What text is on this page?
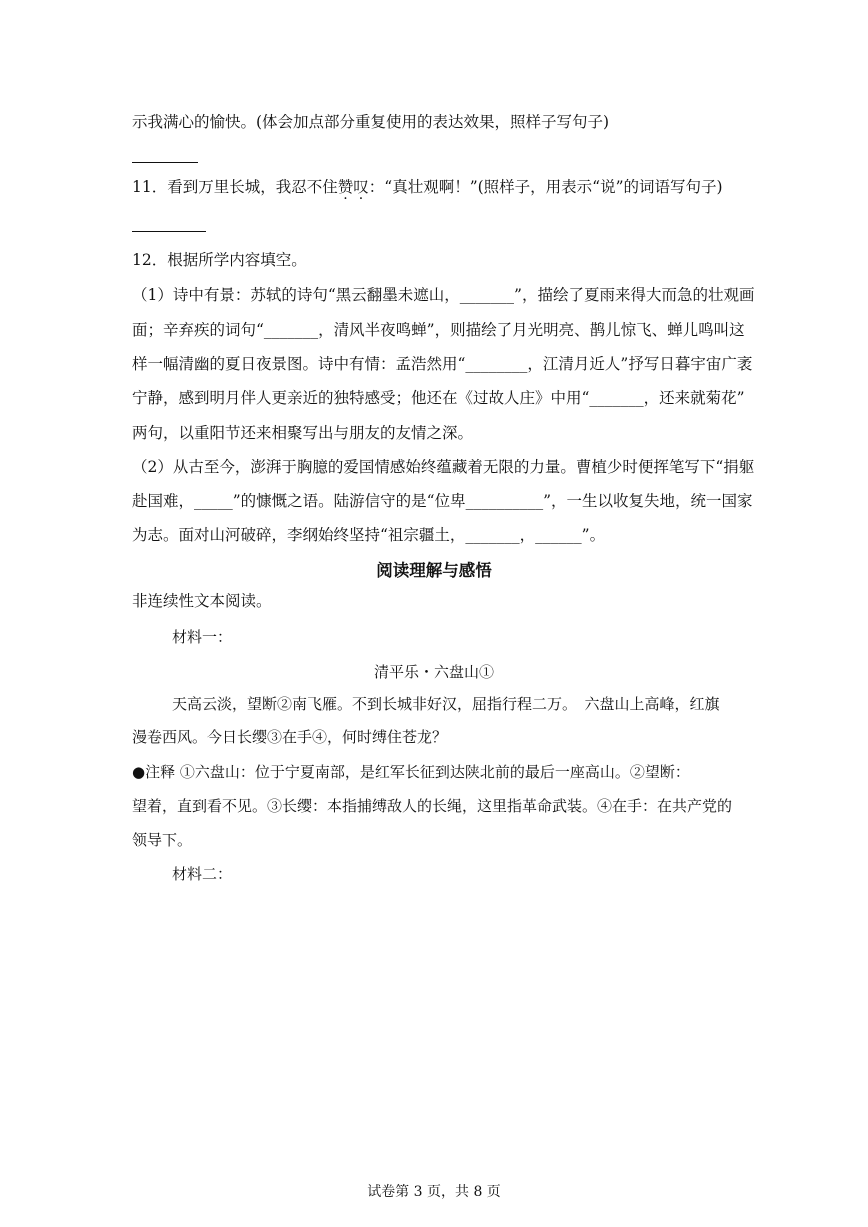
示我满心的愉快。(体会加点部分重复使用的表达效果，照样子写句子)
11．看到万里长城，我忍不住赞叹：“真壮观啊！”(照样子，用表示“说”的词语写句子)
12．根据所学内容填空。
（1）诗中有景：苏轼的诗句“黑云翻墨未遮山，_______”，描绘了夏雨来得大而急的壮观画
面；辛弃疾的词句“_______，清风半夜鸣蝉”，则描绘了月光明亮、鹊儿惊飞、蝉儿鸣叫这
样一幅清幽的夏日夜景图。诗中有情：孟浩然用“________，江清月近人”抒写日暮宇宙广袤
宁静，感到明月伴人更亲近的独特感受；他还在《过故人庄》中用“_______，还来就菊花”
两句，以重阳节还来相聚写出与朋友的友情之深。
（2）从古至今，澎湃于胸臆的爱国情感始终蕴藏着无限的力量。曹植少时便挥笔写下“捐躯
赴国难，_____”的慷慨之语。陆游信守的是“位卑__________”，一生以收复失地，统一国家
为志。面对山河破碎，李纲始终坚持“祖宗疆土，_______，______”。
阅读理解与感悟
非连续性文本阅读。
材料一：
清平乐・六盘山①
天高云淡，望断②南飞雁。不到长城非好汉，屈指行程二万。　六盘山上高峰，红旗
漫卷西风。今日长缨③在手④，何时缚住苍龙？
●注释 ①六盘山：位于宁夏南部，是红军长征到达陕北前的最后一座高山。②望断：
望着，直到看不见。③长缨：本指捕缚敌人的长绳，这里指革命武装。④在手：在共产党的
领导下。
材料二：
试卷第 3 页，共 8 页
